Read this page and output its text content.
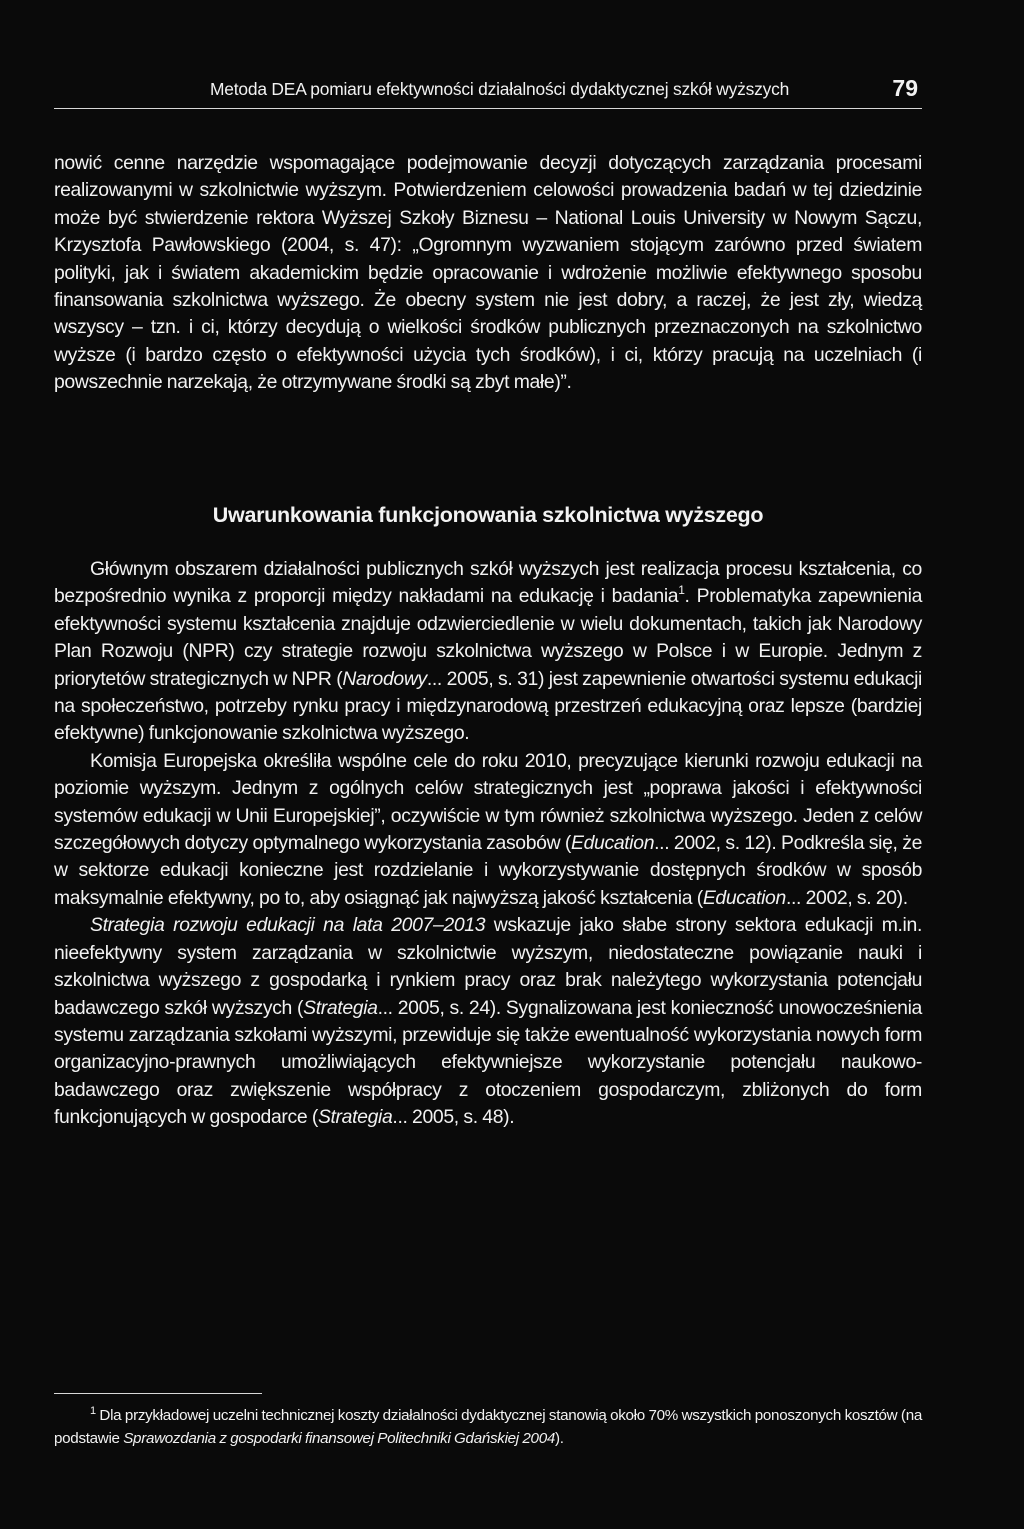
Metoda DEA pomiaru efektywności działalności dydaktycznej szkół wyższych	79

nowić cenne narzędzie wspomagające podejmowanie decyzji dotyczących zarządzania procesami realizowanymi w szkolnictwie wyższym. Potwierdzeniem celowości prowadzenia badań w tej dziedzinie może być stwierdzenie rektora Wyższej Szkoły Biznesu – National Louis University w Nowym Sączu, Krzysztofa Pawłowskiego (2004, s. 47): „Ogromnym wyzwaniem stojącym zarówno przed światem polityki, jak i światem akademickim będzie opracowanie i wdrożenie możliwie efektywnego sposobu finansowania szkolnictwa wyższego. Że obecny system nie jest dobry, a raczej, że jest zły, wiedzą wszyscy – tzn. i ci, którzy decydują o wielkości środków publicznych przeznaczonych na szkolnictwo wyższe (i bardzo często o efektywności użycia tych środków), i ci, którzy pracują na uczelniach (i powszechnie narzekają, że otrzymywane środki są zbyt małe)”.

Uwarunkowania funkcjonowania szkolnictwa wyższego

Głównym obszarem działalności publicznych szkół wyższych jest realizacja procesu kształcenia, co bezpośrednio wynika z proporcji między nakładami na edukację i badania$^1$. Problematyka zapewnienia efektywności systemu kształcenia znajduje odzwierciedlenie w wielu dokumentach, takich jak Narodowy Plan Rozwoju (NPR) czy strategie rozwoju szkolnictwa wyższego w Polsce i w Europie. Jednym z priorytetów strategicznych w NPR (Narodowy... 2005, s. 31) jest zapewnienie otwartości systemu edukacji na społeczeństwo, potrzeby rynku pracy i międzynarodową przestrzeń edukacyjną oraz lepsze (bardziej efektywne) funkcjonowanie szkolnictwa wyższego.

Komisja Europejska określiła wspólne cele do roku 2010, precyzujące kierunki rozwoju edukacji na poziomie wyższym. Jednym z ogólnych celów strategicznych jest „poprawa jakości i efektywności systemów edukacji w Unii Europejskiej”, oczywiście w tym również szkolnictwa wyższego. Jeden z celów szczegółowych dotyczy optymalnego wykorzystania zasobów (Education... 2002, s. 12). Podkreśla się, że w sektorze edukacji konieczne jest rozdzielanie i wykorzystywanie dostępnych środków w sposób maksymalnie efektywny, po to, aby osiągnąć jak najwyższą jakość kształcenia (Education... 2002, s. 20).

Strategia rozwoju edukacji na lata 2007–2013 wskazuje jako słabe strony sektora edukacji m.in. nieefektywny system zarządzania w szkolnictwie wyższym, niedostateczne powiązanie nauki i szkolnictwa wyższego z gospodarką i rynkiem pracy oraz brak należytego wykorzystania potencjału badawczego szkół wyższych (Strategia... 2005, s. 24). Sygnalizowana jest konieczność unowocześnienia systemu zarządzania szkołami wyższymi, przewiduje się także ewentualność wykorzystania nowych form organizacyjno-prawnych umożliwiających efektywniejsze wykorzystanie potencjału naukowo-badawczego oraz zwiększenie współpracy z otoczeniem gospodarczym, zbliżonych do form funkcjonujących w gospodarce (Strategia... 2005, s. 48).

$^1$ Dla przykładowej uczelni technicznej koszty działalności dydaktycznej stanowią około 70% wszystkich ponoszonych kosztów (na podstawie Sprawozdania z gospodarki finansowej Politechniki Gdańskiej 2004).
